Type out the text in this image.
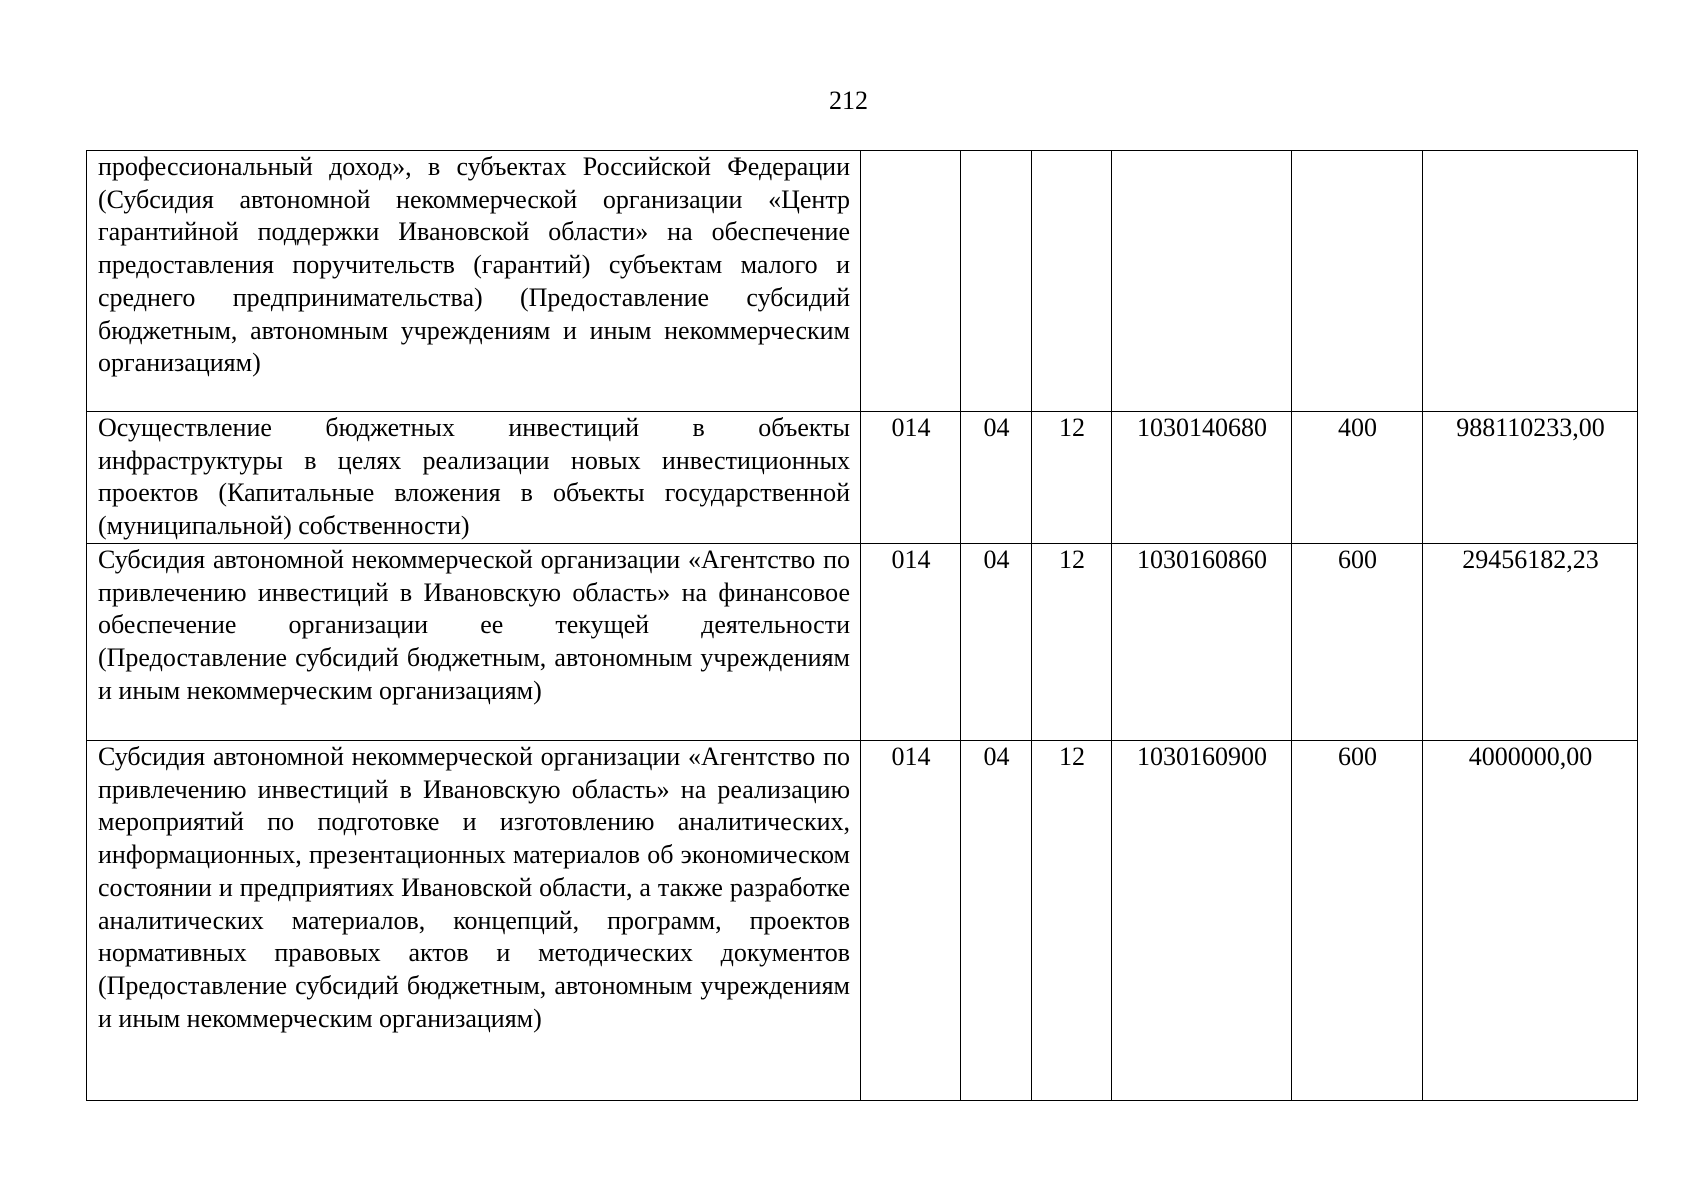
212
профессиональный доход», в субъектах Российской Федерации (Субсидия автономной некоммерческой организации «Центр гарантийной поддержки Ивановской области» на обеспечение предоставления поручительств (гарантий) субъектам малого и среднего предпринимательства) (Предоставление субсидий бюджетным, автономным учреждениям и иным некоммерческим организациям)						
Осуществление бюджетных инвестиций в объекты инфраструктуры в целях реализации новых инвестиционных проектов (Капитальные вложения в объекты государственной (муниципальной) собственности)	014	04	12	1030140680	400	988110233,00
Субсидия автономной некоммерческой организации «Агентство по привлечению инвестиций в Ивановскую область» на финансовое обеспечение организации ее текущей деятельности (Предоставление субсидий бюджетным, автономным учреждениям и иным некоммерческим организациям)	014	04	12	1030160860	600	29456182,23
Субсидия автономной некоммерческой организации «Агентство по привлечению инвестиций в Ивановскую область» на реализацию мероприятий по подготовке и изготовлению аналитических, информационных, презентационных материалов об экономическом состоянии и предприятиях Ивановской области, а также разработке аналитических материалов, концепций, программ, проектов нормативных правовых актов и методических документов (Предоставление субсидий бюджетным, автономным учреждениям и иным некоммерческим организациям)	014	04	12	1030160900	600	4000000,00
